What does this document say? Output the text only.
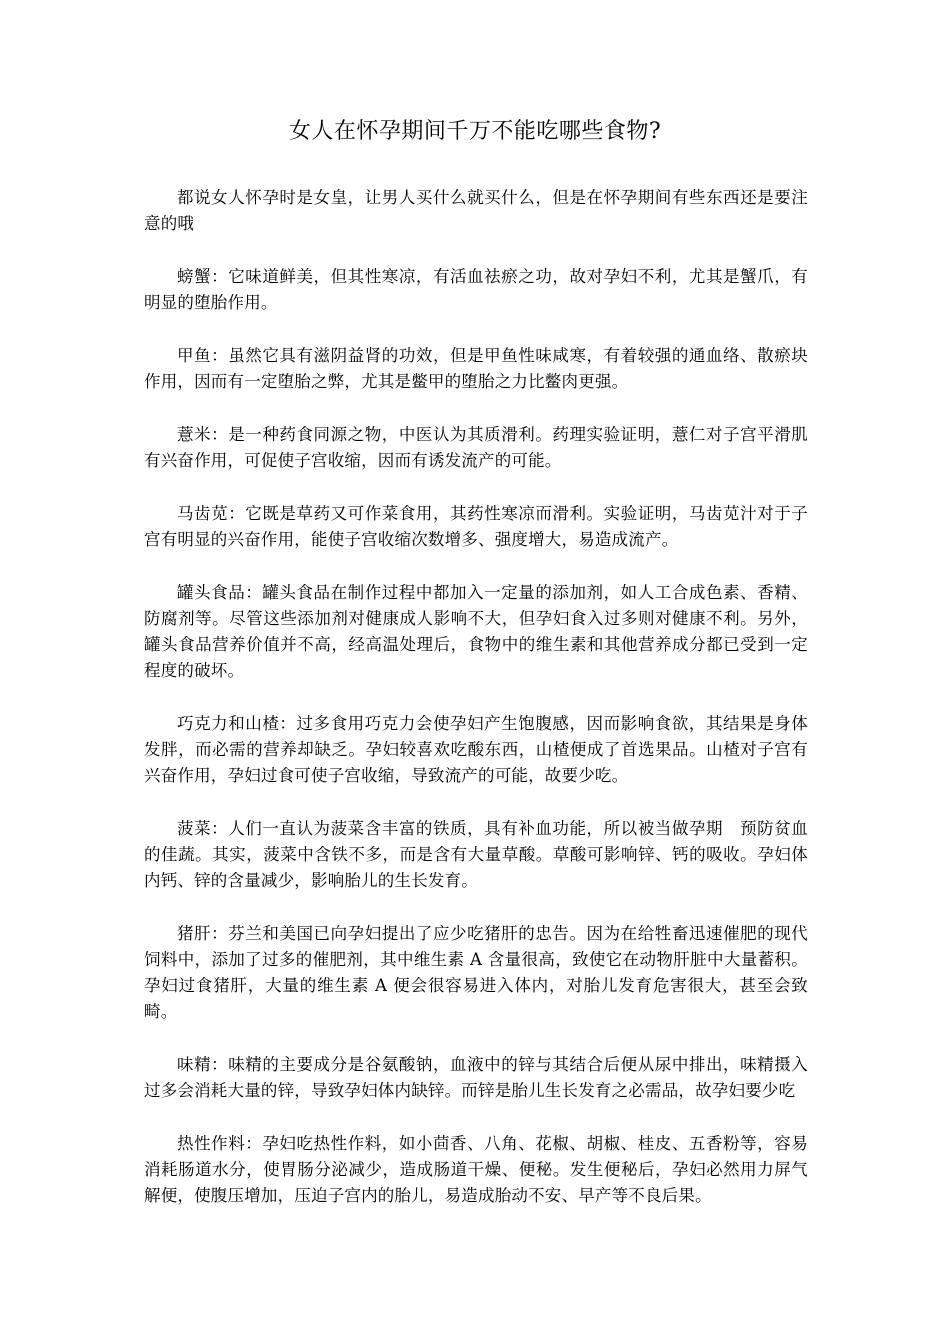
女人在怀孕期间千万不能吃哪些食物?

都说女人怀孕时是女皇，让男人买什么就买什么，但是在怀孕期间有些东西还是要注意的哦

螃蟹：它味道鲜美，但其性寒凉，有活血祛瘀之功，故对孕妇不利，尤其是蟹爪，有明显的堕胎作用。

甲鱼：虽然它具有滋阴益肾的功效，但是甲鱼性味咸寒，有着较强的通血络、散瘀块作用，因而有一定堕胎之弊，尤其是鳖甲的堕胎之力比鳖肉更强。

薏米：是一种药食同源之物，中医认为其质滑利。药理实验证明，薏仁对子宫平滑肌有兴奋作用，可促使子宫收缩，因而有诱发流产的可能。

马齿苋：它既是草药又可作菜食用，其药性寒凉而滑利。实验证明，马齿苋汁对于子宫有明显的兴奋作用，能使子宫收缩次数增多、强度增大，易造成流产。

罐头食品：罐头食品在制作过程中都加入一定量的添加剂，如人工合成色素、香精、防腐剂等。尽管这些添加剂对健康成人影响不大，但孕妇食入过多则对健康不利。另外，罐头食品营养价值并不高，经高温处理后，食物中的维生素和其他营养成分都已受到一定程度的破坏。

巧克力和山楂：过多食用巧克力会使孕妇产生饱腹感，因而影响食欲，其结果是身体发胖，而必需的营养却缺乏。孕妇较喜欢吃酸东西，山楂便成了首选果品。山楂对子宫有兴奋作用，孕妇过食可使子宫收缩，导致流产的可能，故要少吃。

菠菜：人们一直认为菠菜含丰富的铁质，具有补血功能，所以被当做孕期　预防贫血的佳蔬。其实，菠菜中含铁不多，而是含有大量草酸。草酸可影响锌、钙的吸收。孕妇体内钙、锌的含量减少，影响胎儿的生长发育。

猪肝：芬兰和美国已向孕妇提出了应少吃猪肝的忠告。因为在给牲畜迅速催肥的现代饲料中，添加了过多的催肥剂，其中维生素 A 含量很高，致使它在动物肝脏中大量蓄积。孕妇过食猪肝，大量的维生素 A 便会很容易进入体内，对胎儿发育危害很大，甚至会致畸。

味精：味精的主要成分是谷氨酸钠，血液中的锌与其结合后便从尿中排出，味精摄入过多会消耗大量的锌，导致孕妇体内缺锌。而锌是胎儿生长发育之必需品，故孕妇要少吃

热性作料：孕妇吃热性作料，如小茴香、八角、花椒、胡椒、桂皮、五香粉等，容易消耗肠道水分，使胃肠分泌减少，造成肠道干燥、便秘。发生便秘后，孕妇必然用力屏气解便，使腹压增加，压迫子宫内的胎儿，易造成胎动不安、早产等不良后果。
